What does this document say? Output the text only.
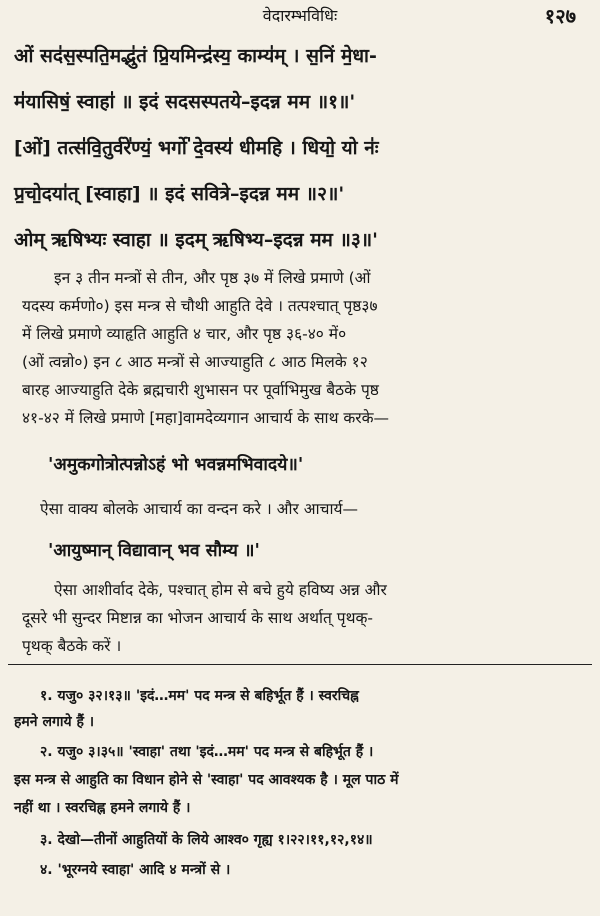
वेदारम्भविधिः	१२७
ओं सद॑स॒स्पति॒मद्भु॑तं प्रि॒यमिन्द्र॑स्य॒ काम्य॑म् । स॒निं मे॒धा-
म॑यासिषं॒ स्वाहा॑ ॥ इदं सदसस्पतये–इदन्न मम ॥१॥'
[ओं] तत्स॑वि॒तुर्वरे॑ण्यं॒ भर्गो॑ दे॒वस्य॑ धीमहि । धियो॒ यो नः॑
प्र॒चो॒दया॑त् [स्वाहा] ॥ इदं सवित्रे–इदन्न मम ॥२॥'
ओम् ऋषिभ्यः स्वाहा ॥ इदम् ऋषिभ्य–इदन्न मम ॥३॥'
इन ३ तीन मन्त्रों से तीन, और पृष्ठ ३७ में लिखे प्रमाणे (ओं
यदस्य कर्मणो०) इस मन्त्र से चौथी आहुति देवे । तत्पश्चात् पृष्ठ३७
में लिखे प्रमाणे व्याहृति आहुति ४ चार, और पृष्ठ ३६-४० में०
(ओं त्वन्नो०) इन ८ आठ मन्त्रों से आज्याहुति ८ आठ मिलके १२
बारह आज्याहुति देके ब्रह्मचारी शुभासन पर पूर्वाभिमुख बैठके पृष्ठ
४१-४२ में लिखे प्रमाणे [महा]वामदेव्यगान आचार्य के साथ करके—
'अमुकगोत्रोत्पन्नोऽहं भो भवन्नमभिवादये॥'
ऐसा वाक्य बोलके आचार्य का वन्दन करे । और आचार्य—
'आयुष्मान् विद्यावान् भव सौम्य ॥'
ऐसा आशीर्वाद देके, पश्चात् होम से बचे हुये हविष्य अन्न और
दूसरे भी सुन्दर मिष्टान्न का भोजन आचार्य के साथ अर्थात् पृथक्-
पृथक् बैठके करें ।
१. यजु० ३२।१३॥ 'इदं…मम' पद मन्त्र से बहिर्भूत हैं । स्वरचिह्न
हमने लगाये हैं ।
२. यजु० ३।३५॥ 'स्वाहा' तथा 'इदं…मम' पद मन्त्र से बहिर्भूत हैं ।
इस मन्त्र से आहुति का विधान होने से 'स्वाहा' पद आवश्यक है । मूल पाठ में
नहीं था । स्वरचिह्न हमने लगाये हैं ।
३. देखो—तीनों आहुतियों के लिये आश्व० गृह्य १।२२।११,१२,१४॥
४. 'भूरग्नये स्वाहा' आदि ४ मन्त्रों से ।
